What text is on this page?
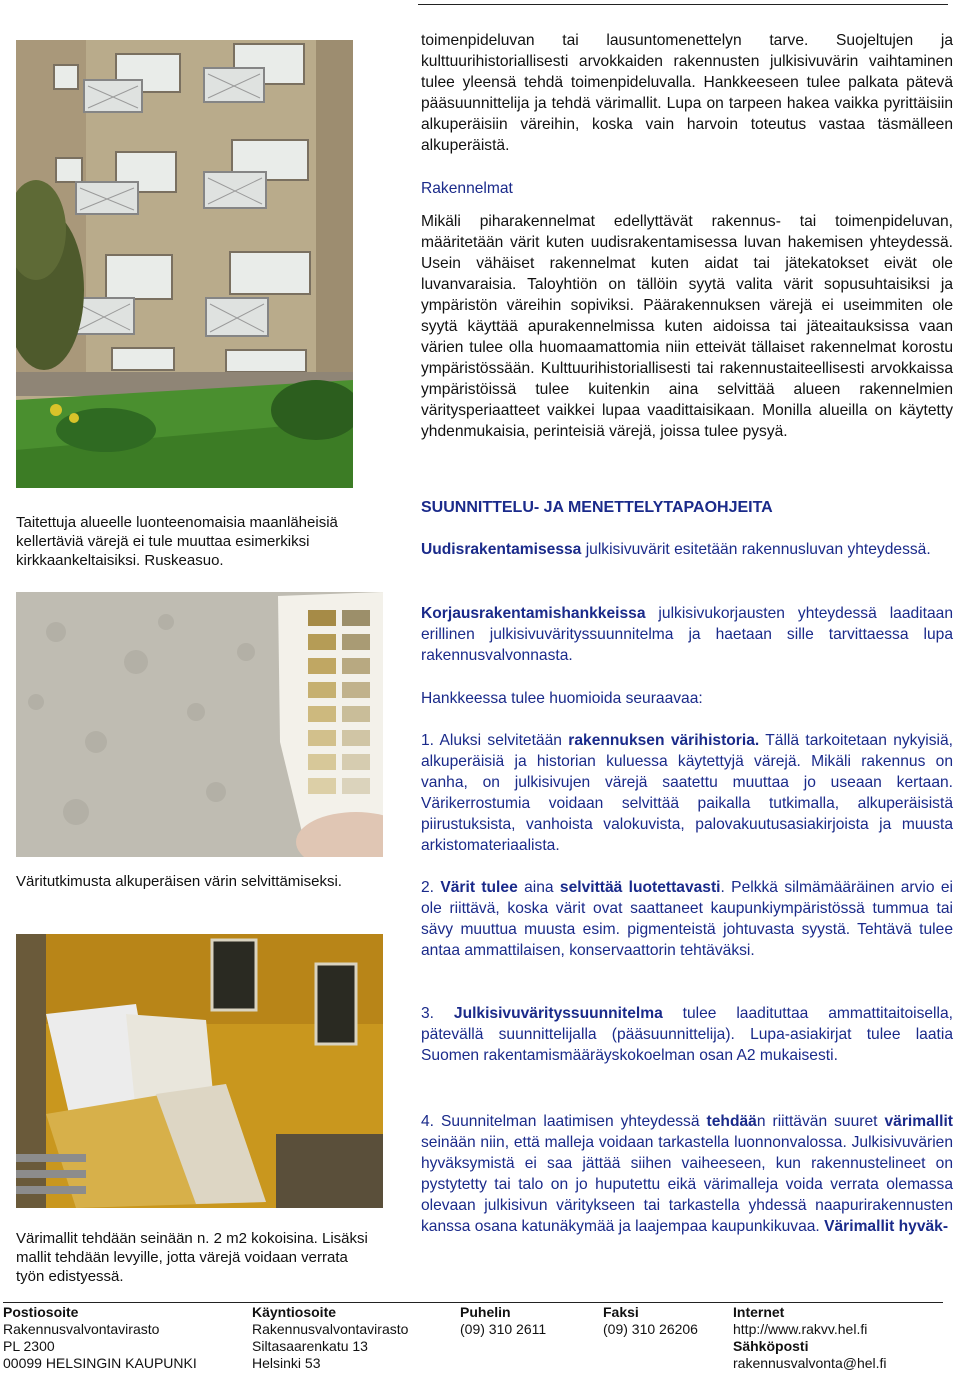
Taitettuja alueelle luonteenomaisia maanläheisiä kellertäviä värejä ei tule muuttaa esimerkiksi kirkkaankeltaisiksi. Ruskeasuo.
Väritutkimusta alkuperäisen värin selvittämiseksi.
Värimallit tehdään seinään n. 2 m2 kokoisina. Lisäksi mallit tehdään levyille, jotta värejä voidaan verrata työn edistyessä.

toimenpideluvan tai lausuntomenettelyn tarve. Suojeltujen ja kulttuurihistoriallisesti arvokkaiden rakennusten julkisivuvärin vaihtaminen tulee yleensä tehdä toimenpideluvalla. Hankkeeseen tulee palkata pätevä pääsuunnittelija ja tehdä värimallit. Lupa on tarpeen hakea vaikka pyrittäisiin alkuperäisiin väreihin, koska vain harvoin toteutus vastaa täsmälleen alkuperäistä.

Rakennelmat

Mikäli piharakennelmat edellyttävät rakennus- tai toimenpideluvan, määritetään värit kuten uudisrakentamisessa luvan hakemisen yhteydessä. Usein vähäiset rakennelmat kuten aidat tai jätekatokset eivät ole luvanvaraisia. Taloyhtiön on tällöin syytä valita värit sopusuhtaisiksi ja ympäristön väreihin sopiviksi. Päärakennuksen värejä ei useimmiten ole syytä käyttää apurakennelmissa kuten aidoissa tai jäteaitauksissa vaan värien tulee olla huomaamattomia niin etteivät tällaiset rakennelmat korostu ympäristössään. Kulttuurihistoriallisesti tai rakennustaiteellisesti arvokkaissa ympäristöissä tulee kuitenkin aina selvittää alueen rakennelmien väritysperiaatteet vaikkei lupaa vaadittaisikaan. Monilla alueilla on käytetty yhdenmukaisia, perinteisiä värejä, joissa tulee pysyä.

SUUNNITTELU- JA MENETTELYTAPAOHJEITA

Uudisrakentamisessa julkisivuvärit esitetään rakennusluvan yhteydessä.

Korjausrakentamishankkeissa julkisivukorjausten yhteydessä laaditaan erillinen julkisivuvärityssuunnitelma ja haetaan sille tarvittaessa lupa rakennusvalvonnasta.

Hankkeessa tulee huomioida seuraavaa:

1. Aluksi selvitetään rakennuksen värihistoria. Tällä tarkoitetaan nykyisiä, alkuperäisiä ja historian kuluessa käytettyjä värejä. Mikäli rakennus on vanha, on julkisivujen värejä saatettu muuttaa jo useaan kertaan. Värikerrostumia voidaan selvittää paikalla tutkimalla, alkuperäisistä piirustuksista, vanhoista valokuvista, palovakuutusasiakirjoista ja muusta arkistomateriaalista.

2. Värit tulee aina selvittää luotettavasti. Pelkkä silmämääräinen arvio ei ole riittävä, koska värit ovat saattaneet kaupunkiympäristössä tummua tai sävy muuttua muusta esim. pigmenteistä johtuvasta syystä. Tehtävä tulee antaa ammattilaisen, konservaattorin tehtäväksi.

3. Julkisivuvärityssuunnitelma tulee laadituttaa ammattitaitoisella, pätevällä suunnittelijalla (pääsuunnittelija). Lupa-asiakirjat tulee laatia Suomen rakentamismääräyskokoelman osan A2 mukaisesti.

4. Suunnitelman laatimisen yhteydessä tehdään riittävän suuret värimallit seinään niin, että malleja voidaan tarkastella luonnonvalossa. Julkisivuvärien hyväksymistä ei saa jättää siihen vaiheeseen, kun rakennustelineet on pystytetty tai talo on jo huputettu eikä värimalleja voida verrata olemassa olevaan julkisivun väritykseen tai tarkastella yhdessä naapurirakennusten kanssa osana katunäkymää ja laajempaa kaupunkikuvaa. Värimallit hyväk-

Postiosoite
Rakennusvalvontavirasto
PL 2300
00099 HELSINGIN KAUPUNKI
Käyntiosoite
Rakennusvalvontavirasto
Siltasaarenkatu 13
Helsinki 53
Puhelin
(09) 310 2611
Faksi
(09) 310 26206
Internet
http://www.rakvv.hel.fi
Sähköposti
rakennusvalvonta@hel.fi
